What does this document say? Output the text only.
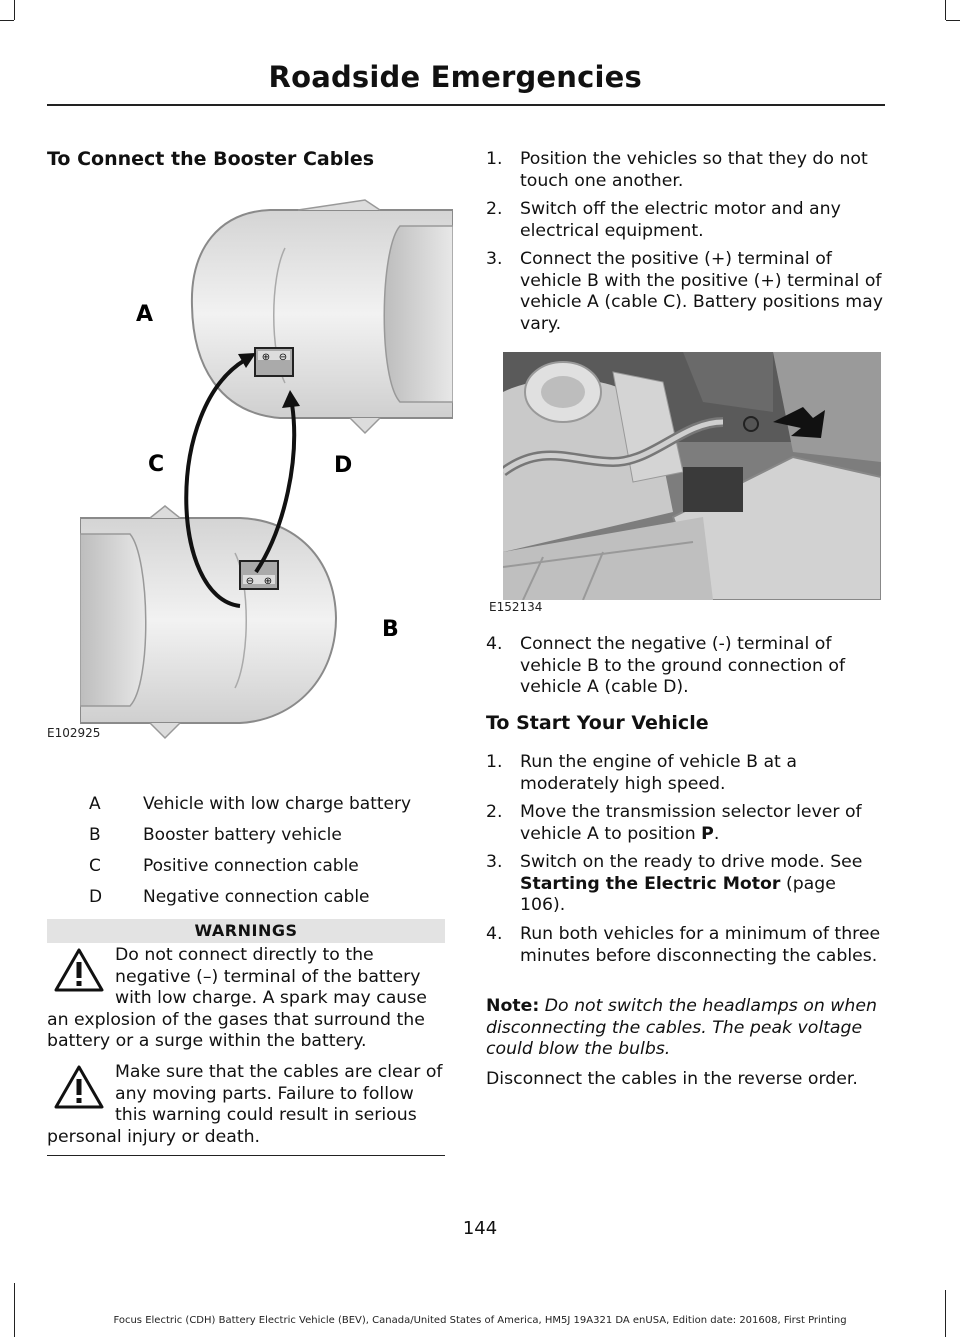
Roadside Emergencies
To Connect the Booster Cables
⊕ ⊖
⊖ ⊕
A
C	D
B
E102925
A Vehicle with low charge battery
B Booster battery vehicle
C Positive connection cable
D Negative connection cable
WARNINGS
Do not connect directly to the negative (–) terminal of the battery with low charge. A spark may cause an explosion of the gases that surround the battery or a surge within the battery.
Make sure that the cables are clear of any moving parts. Failure to follow this warning could result in serious personal injury or death.
1. Position the vehicles so that they do not touch one another.
2. Switch off the electric motor and any electrical equipment.
3. Connect the positive (+) terminal of vehicle B with the positive (+) terminal of vehicle A (cable C). Battery positions may vary.
E152134
4. Connect the negative (-) terminal of vehicle B to the ground connection of vehicle A (cable D).
To Start Your Vehicle
1. Run the engine of vehicle B at a moderately high speed.
2. Move the transmission selector lever of vehicle A to position P.
3. Switch on the ready to drive mode. See Starting the Electric Motor (page 106).
4. Run both vehicles for a minimum of three minutes before disconnecting the cables.
Note: Do not switch the headlamps on when disconnecting the cables. The peak voltage could blow the bulbs.
Disconnect the cables in the reverse order.
144
Focus Electric (CDH) Battery Electric Vehicle (BEV), Canada/United States of America, HM5J 19A321 DA enUSA, Edition date: 201608, First Printing
